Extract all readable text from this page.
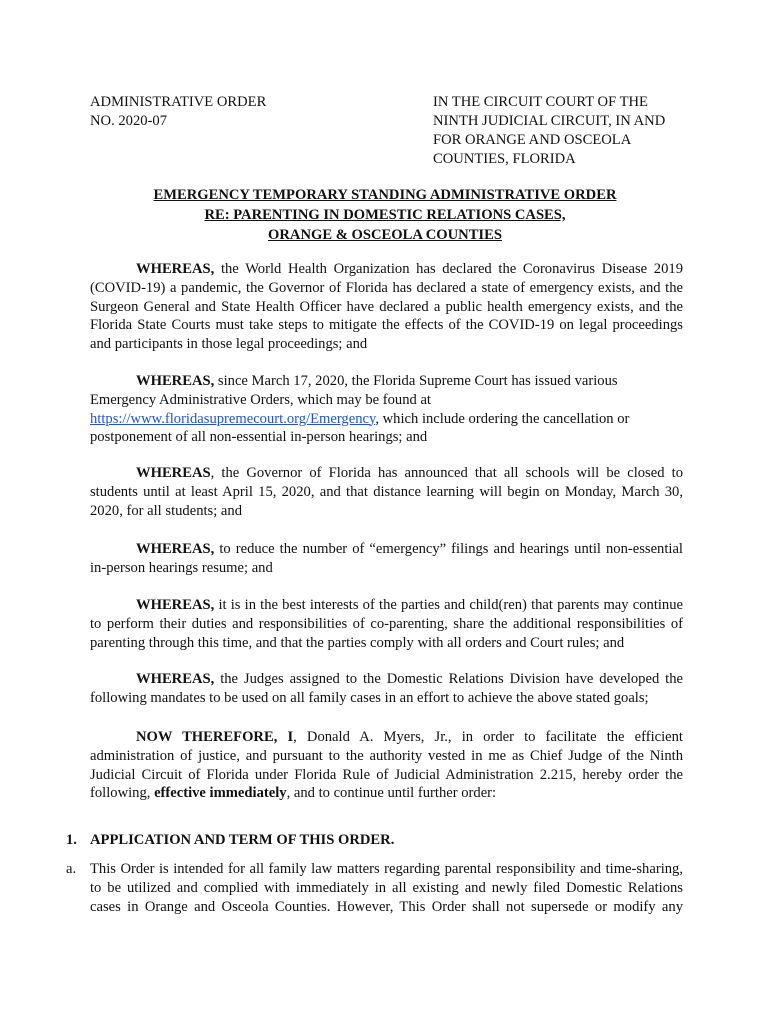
ADMINISTRATIVE ORDER
NO. 2020-07
IN THE CIRCUIT COURT OF THE
NINTH JUDICIAL CIRCUIT, IN AND
FOR ORANGE AND OSCEOLA
COUNTIES, FLORIDA
EMERGENCY TEMPORARY STANDING ADMINISTRATIVE ORDER
RE: PARENTING IN DOMESTIC RELATIONS CASES,
ORANGE & OSCEOLA COUNTIES
WHEREAS, the World Health Organization has declared the Coronavirus Disease 2019
(COVID-19) a pandemic, the Governor of Florida has declared a state of emergency exists, and the
Surgeon General and State Health Officer have declared a public health emergency exists, and the
Florida State Courts must take steps to mitigate the effects of the COVID-19 on legal proceedings
and participants in those legal proceedings; and
WHEREAS, since March 17, 2020, the Florida Supreme Court has issued various
Emergency Administrative Orders, which may be found at
https://www.floridasupremecourt.org/Emergency, which include ordering the cancellation or
postponement of all non-essential in-person hearings; and
WHEREAS, the Governor of Florida has announced that all schools will be closed to
students until at least April 15, 2020, and that distance learning will begin on Monday, March 30,
2020, for all students; and
WHEREAS, to reduce the number of “emergency” filings and hearings until non-essential
in-person hearings resume; and
WHEREAS, it is in the best interests of the parties and child(ren) that parents may continue
to perform their duties and responsibilities of co-parenting, share the additional responsibilities of
parenting through this time, and that the parties comply with all orders and Court rules; and
WHEREAS, the Judges assigned to the Domestic Relations Division have developed the
following mandates to be used on all family cases in an effort to achieve the above stated goals;
NOW THEREFORE, I, Donald A. Myers, Jr., in order to facilitate the efficient
administration of justice, and pursuant to the authority vested in me as Chief Judge of the Ninth
Judicial Circuit of Florida under Florida Rule of Judicial Administration 2.215, hereby order the
following, effective immediately, and to continue until further order:
1. APPLICATION AND TERM OF THIS ORDER.
a. This Order is intended for all family law matters regarding parental responsibility and time-sharing,
to be utilized and complied with immediately in all existing and newly filed Domestic Relations
cases in Orange and Osceola Counties. However, This Order shall not supersede or modify any
